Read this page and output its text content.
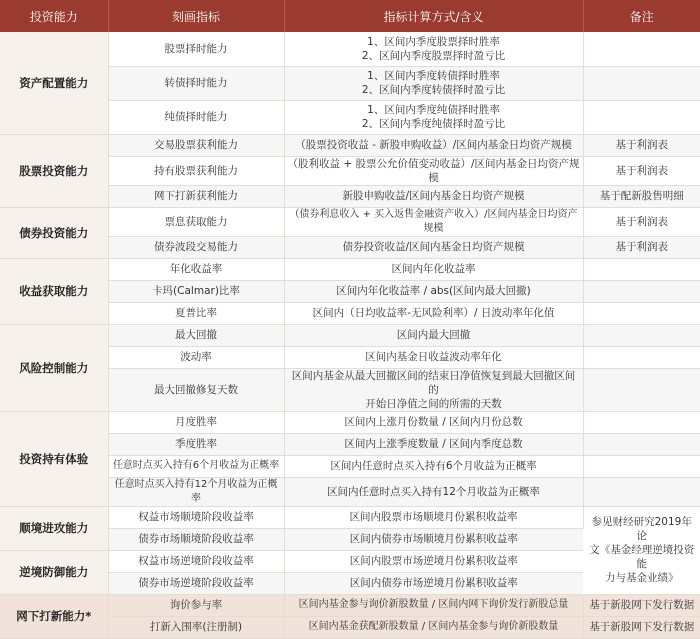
投资能力	刻画指标	指标计算方式/含义	备注
资产配置能力	股票择时能力	1、区间内季度股票择时胜率
2、区间内季度股票择时盈亏比	

	转债择时能力	1、区间内季度转债择时胜率
2、区间内季度转债择时盈亏比	

	纯债择时能力	1、区间内季度纯债择时胜率
2、区间内季度纯债择时盈亏比	

股票投资能力	交易股票获利能力	（股票投资收益 - 新股申购收益）/区间内基金日均资产规模	基于利润表
	持有股票获利能力	（股利收益 + 股票公允价值变动收益）/区间内基金日均资产规模	基于利润表
	网下打新获利能力	新股申购收益/区间内基金日均资产规模	基于配新股售明细
债券投资能力	票息获取能力	（债券利息收入 + 买入返售金融资产收入）/区间内基金日均资产规模	基于利润表
	债券波段交易能力	债券投资收益/区间内基金日均资产规模	基于利润表
收益获取能力	年化收益率	区间内年化收益率	
	卡玛(Calmar)比率	区间内年化收益率 / abs(区间内最大回撤)	
	夏普比率	区间内（日均收益率-无风险利率）/ 日波动率年化值	
风险控制能力	最大回撤	区间内最大回撤	
	波动率	区间内基金日收益波动率年化	
	最大回撤修复天数	区间内基金从最大回撤区间的结束日净值恢复到最大回撤区间的
开始日净值之间的所需的天数	

投资持有体验	月度胜率	区间内上涨月份数量 / 区间内月份总数	
	季度胜率	区间内上涨季度数量 / 区间内季度总数	
	任意时点买入持有6个月收益为正概率	区间内任意时点买入持有6个月收益为正概率	
	任意时点买入持有12个月收益为正概率	区间内任意时点买入持有12个月收益为正概率	
顺境进攻能力	权益市场顺境阶段收益率	区间内股票市场顺境月份累积收益率	参见财经研究2019年论
文《基金经理逆境投资能
力与基金业绩》

	债券市场顺境阶段收益率	区间内债券市场顺境月份累积收益率	
逆境防御能力	权益市场逆境阶段收益率	区间内股票市场逆境月份累积收益率	
	债券市场逆境阶段收益率	区间内债券市场逆境月份累积收益率	
网下打新能力*	询价参与率	区间内基金参与询价新股数量 / 区间内网下询价发行新股总量	基于新股网下发行数据
	打新入围率(注册制)	区间内基金获配新股数量 / 区间内基金参与询价新股数量	基于新股网下发行数据
